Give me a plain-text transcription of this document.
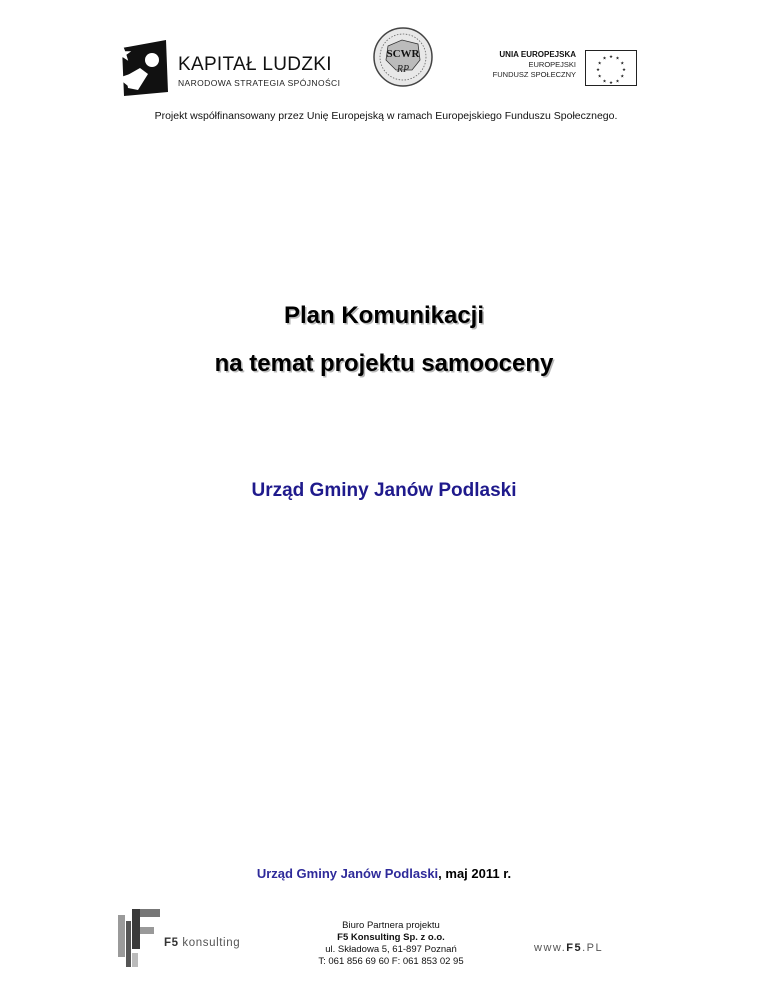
KAPITAŁ LUDZKI
NARODOWA STRATEGIA SPÓJNOŚCI
SCWR
RP
UNIA EUROPEJSKA
EUROPEJSKI
FUNDUSZ SPOŁECZNY
★ ★
★
★
★
★
★
★
★
★
★
★
Projekt współfinansowany przez Unię Europejską w ramach Europejskiego Funduszu Społecznego.
Plan Komunikacji
na temat projektu samooceny
Urząd Gminy Janów Podlaski
Urząd Gminy Janów Podlaski, maj 2011 r.
F5 konsulting
Biuro Partnera projektu
F5 Konsulting Sp. z o.o.
ul. Składowa 5, 61-897 Poznań
T: 061 856 69 60 F: 061 853 02 95
www.F5.PL
